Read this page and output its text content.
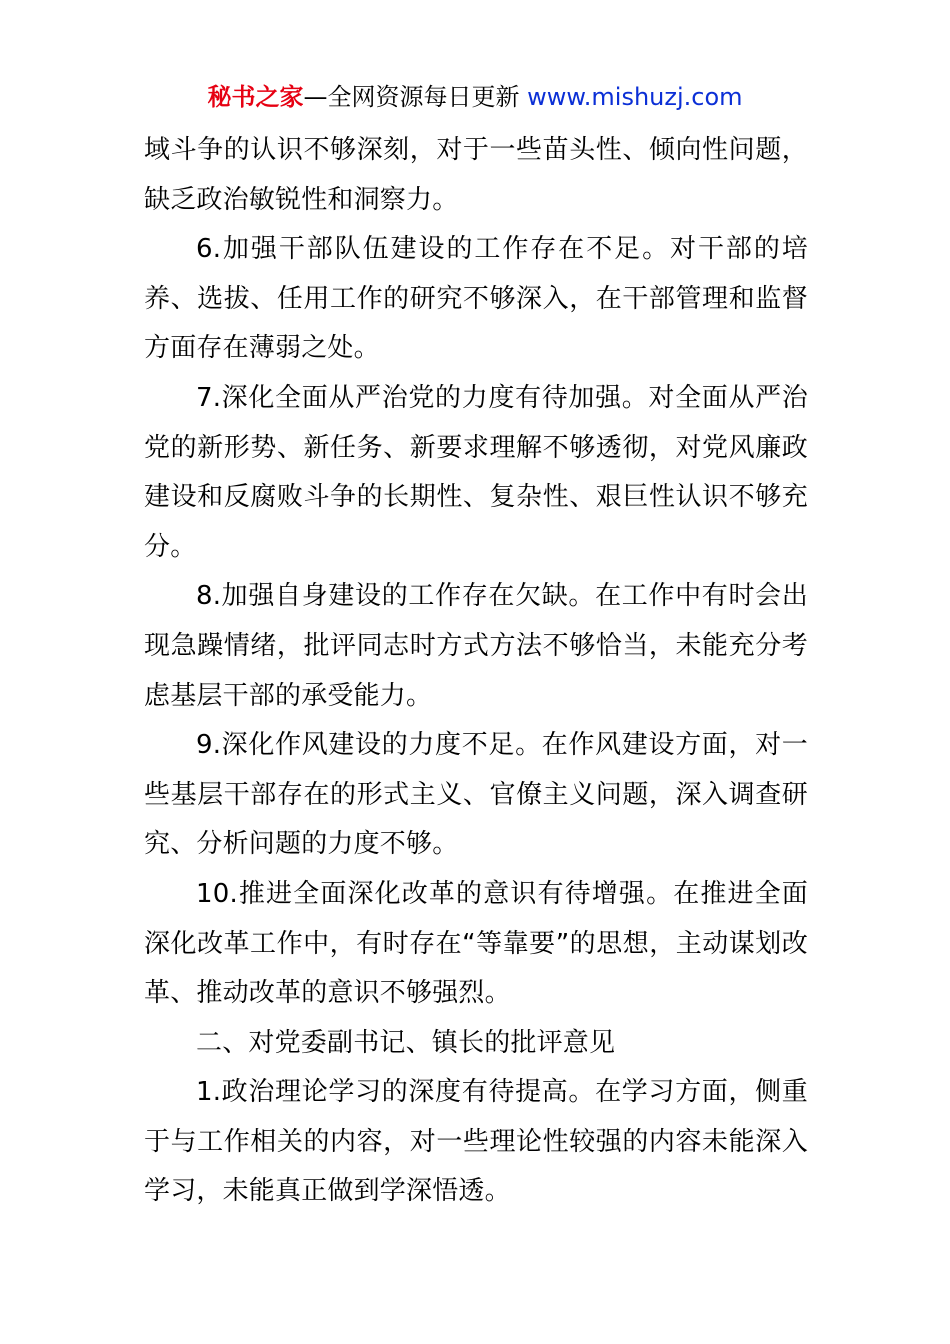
秘书之家—全网资源每日更新 www.mishuzj.com

域斗争的认识不够深刻，对于一些苗头性、倾向性问题，缺乏政治敏锐性和洞察力。

6.加强干部队伍建设的工作存在不足。对干部的培养、选拔、任用工作的研究不够深入，在干部管理和监督方面存在薄弱之处。

7.深化全面从严治党的力度有待加强。对全面从严治党的新形势、新任务、新要求理解不够透彻，对党风廉政建设和反腐败斗争的长期性、复杂性、艰巨性认识不够充分。

8.加强自身建设的工作存在欠缺。在工作中有时会出现急躁情绪，批评同志时方式方法不够恰当，未能充分考虑基层干部的承受能力。

9.深化作风建设的力度不足。在作风建设方面，对一些基层干部存在的形式主义、官僚主义问题，深入调查研究、分析问题的力度不够。

10.推进全面深化改革的意识有待增强。在推进全面深化改革工作中，有时存在“等靠要”的思想，主动谋划改革、推动改革的意识不够强烈。

二、对党委副书记、镇长的批评意见

1.政治理论学习的深度有待提高。在学习方面，侧重于与工作相关的内容，对一些理论性较强的内容未能深入学习，未能真正做到学深悟透。
